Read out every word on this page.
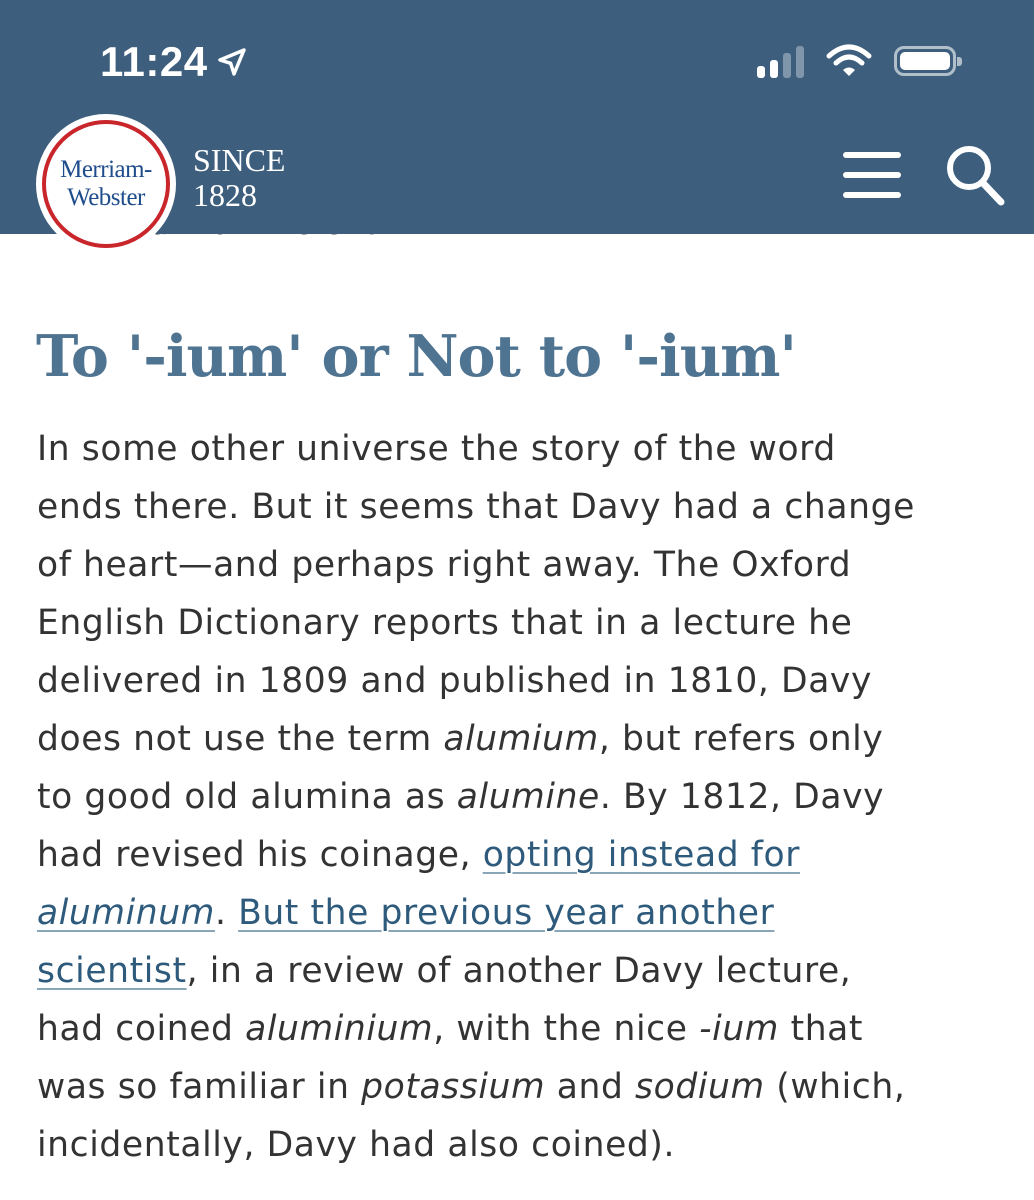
To '-ium' or Not to '-ium'

In some other universe the story of the word
ends there. But it seems that Davy had a change
of heart—and perhaps right away. The Oxford
English Dictionary reports that in a lecture he
delivered in 1809 and published in 1810, Davy
does not use the term alumium, but refers only
to good old alumina as alumine. By 1812, Davy
had revised his coinage, opting instead for
aluminum. But the previous year another
scientist, in a review of another Davy lecture,
had coined aluminium, with the nice -ium that
was so familiar in potassium and sodium (which,
incidentally, Davy had also coined).

11:24
SINCE
1828
Merriam-
Webster
